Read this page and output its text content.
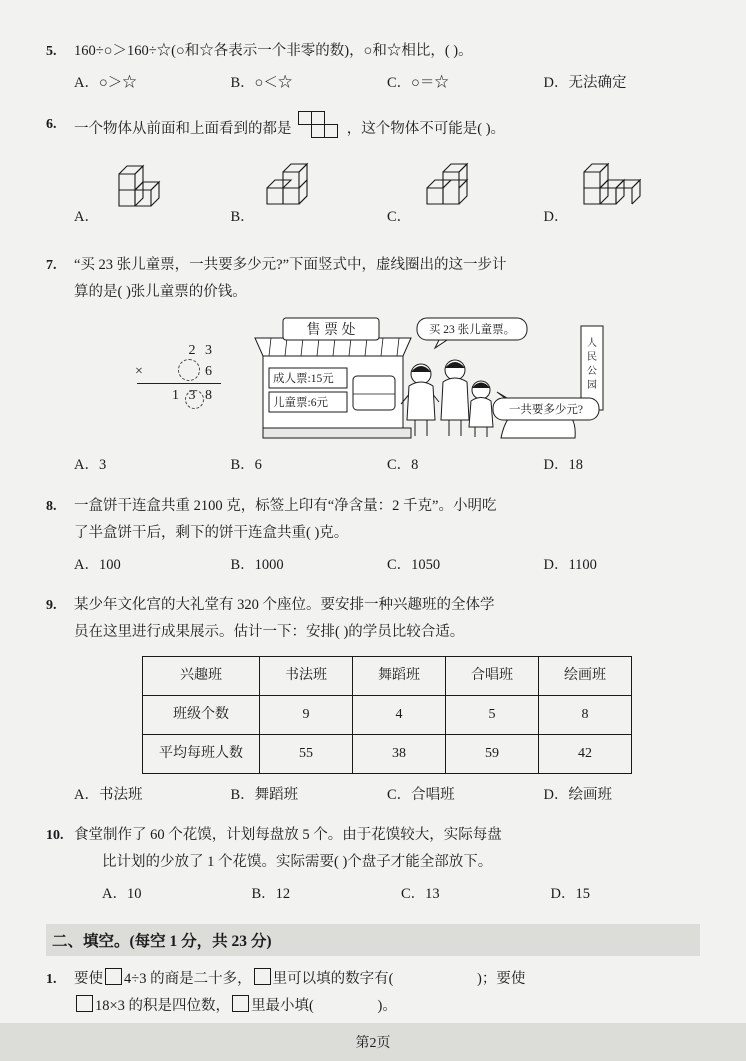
5.	160÷○＞160÷☆(○和☆各表示一个非零的数)，○和☆相比，( )。
A．○＞☆	B．○＜☆	C．○＝☆	D．无法确定
6.	一个物体从前面和上面看到的都是	，这个物体不可能是( )。
A．	B．	C．	D．
7.	“买 23 张儿童票，一共要多少元?”下面竖式中，虚线圈出的这一步计
算的是( )张儿童票的价钱。
2 3
×	6
1 3 8
售 票 处
成人票:15元
儿童票:6元
人
民
公
园
买 23 张儿童票。
一共要多少元?
A．3	B．6	C．8	D．18
8.	一盒饼干连盒共重 2100 克，标签上印有“净含量：2 千克”。小明吃
了半盒饼干后，剩下的饼干连盒共重( )克。
A．100	B．1000	C．1050	D．1100
9.	某少年文化宫的大礼堂有 320 个座位。要安排一种兴趣班的全体学
员在这里进行成果展示。估计一下：安排( )的学员比较合适。
兴趣班	书法班	舞蹈班	合唱班	绘画班
班级个数	9	4	5	8
平均每班人数	55	38	59	42
A．书法班	B．舞蹈班	C．合唱班	D．绘画班
10. 食堂制作了 60 个花馍，计划每盘放 5 个。由于花馍较大，实际每盘
比计划的少放了 1 个花馍。实际需要( )个盘子才能全部放下。
A．10	B．12	C．13	D．15
二、填空。(每空 1 分，共 23 分)
1.	要使 4÷3 的商是二十多， 里可以填的数字有(	)；要使
18×3 的积是四位数， 里最小填(	)。
第2页
